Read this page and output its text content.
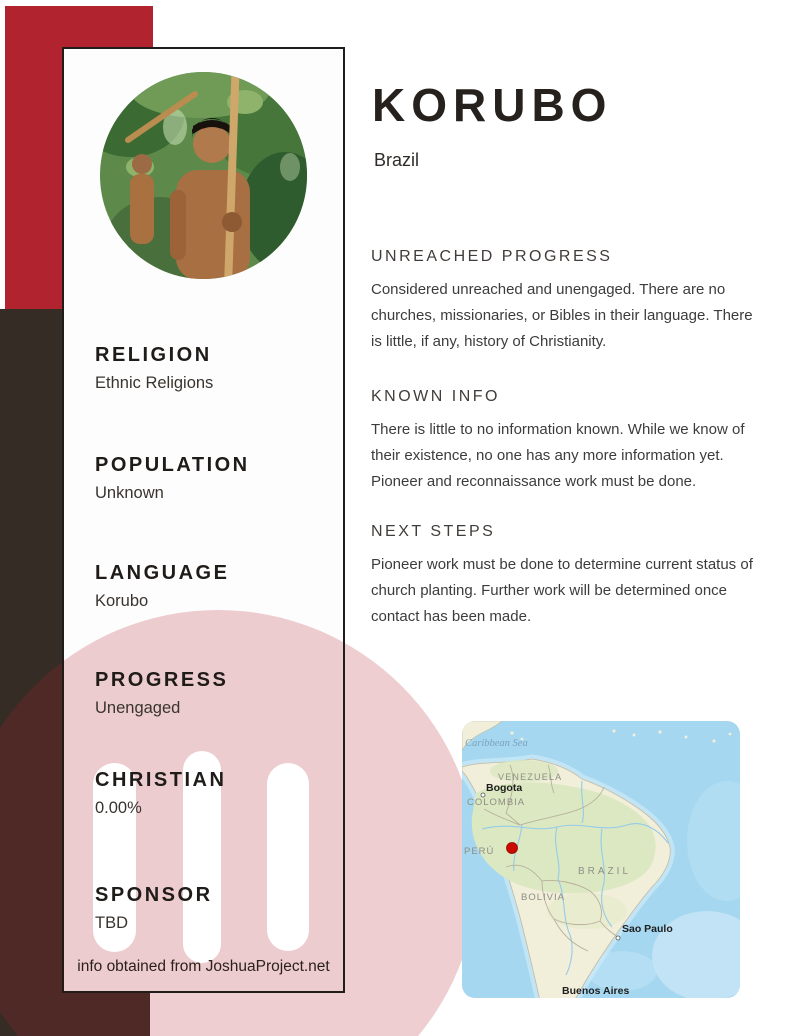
RELIGION
Ethnic Religions
POPULATION
Unknown
LANGUAGE
Korubo
PROGRESS
Unengaged
CHRISTIAN
0.00%
SPONSOR
TBD
info obtained from JoshuaProject.net
KORUBO
Brazil
UNREACHED PROGRESS
Considered unreached and unengaged. There are no churches, missionaries, or Bibles in their language. There is little, if any, history of Christianity.
KNOWN INFO
There is little to no information known. While we know of their existence, no one has any more information yet. Pioneer and reconnaissance work must be done.
NEXT STEPS
Pioneer work must be done to determine current status of church planting. Further work will be determined once contact has been made.
Caribbean Sea
VENEZUELA
Bogota
COLOMBIA
PERÚ
BRAZIL
BOLIVIA
Sao Paulo
Buenos Aires
